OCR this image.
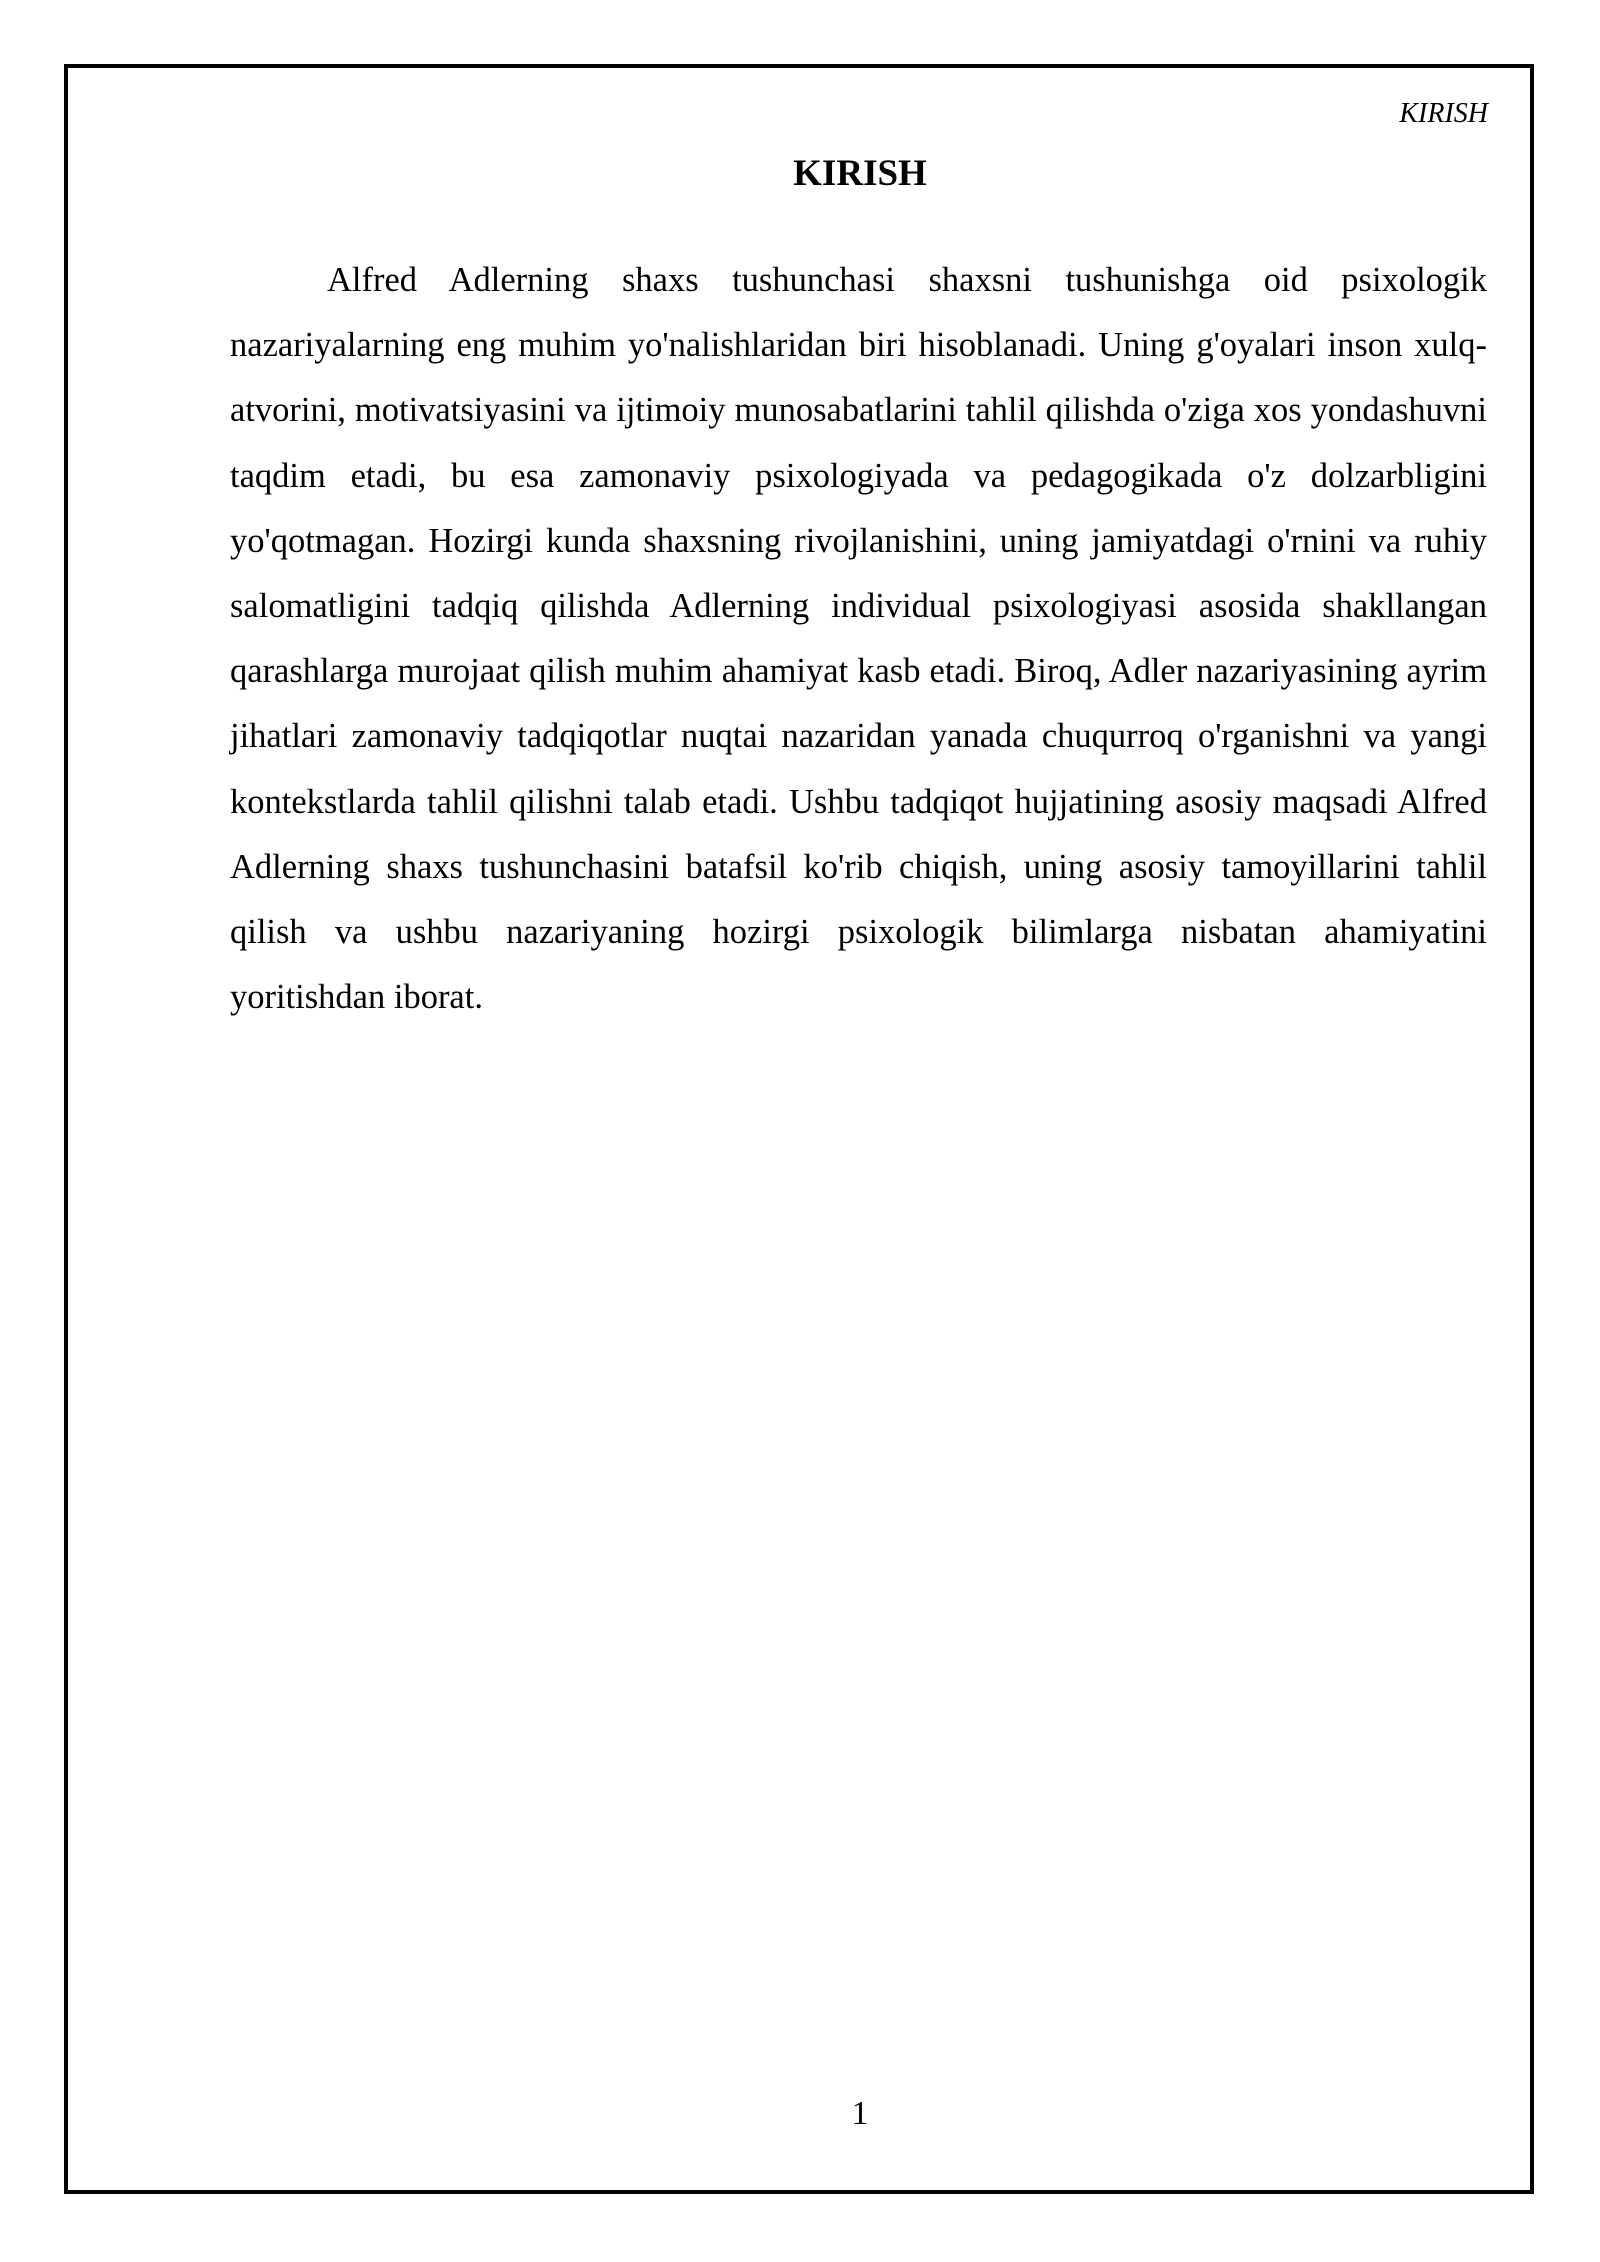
KIRISH
KIRISH

Alfred Adlerning shaxs tushunchasi shaxsni tushunishga oid psixologik nazariyalarning eng muhim yo'nalishlaridan biri hisoblanadi. Uning g'oyalari inson xulq-atvorini, motivatsiyasini va ijtimoiy munosabatlarini tahlil qilishda o'ziga xos yondashuvni taqdim etadi, bu esa zamonaviy psixologiyada va pedagogikada o'z dolzarbligini yo'qotmagan. Hozirgi kunda shaxsning rivojlanishini, uning jamiyatdagi o'rnini va ruhiy salomatligini tadqiq qilishda Adlerning individual psixologiyasi asosida shakllangan qarashlarga murojaat qilish muhim ahamiyat kasb etadi. Biroq, Adler nazariyasining ayrim jihatlari zamonaviy tadqiqotlar nuqtai nazaridan yanada chuqurroq o'rganishni va yangi kontekstlarda tahlil qilishni talab etadi. Ushbu tadqiqot hujjatining asosiy maqsadi Alfred Adlerning shaxs tushunchasini batafsil ko'rib chiqish, uning asosiy tamoyillarini tahlil qilish va ushbu nazariyaning hozirgi psixologik bilimlarga nisbatan ahamiyatini yoritishdan iborat.

1
